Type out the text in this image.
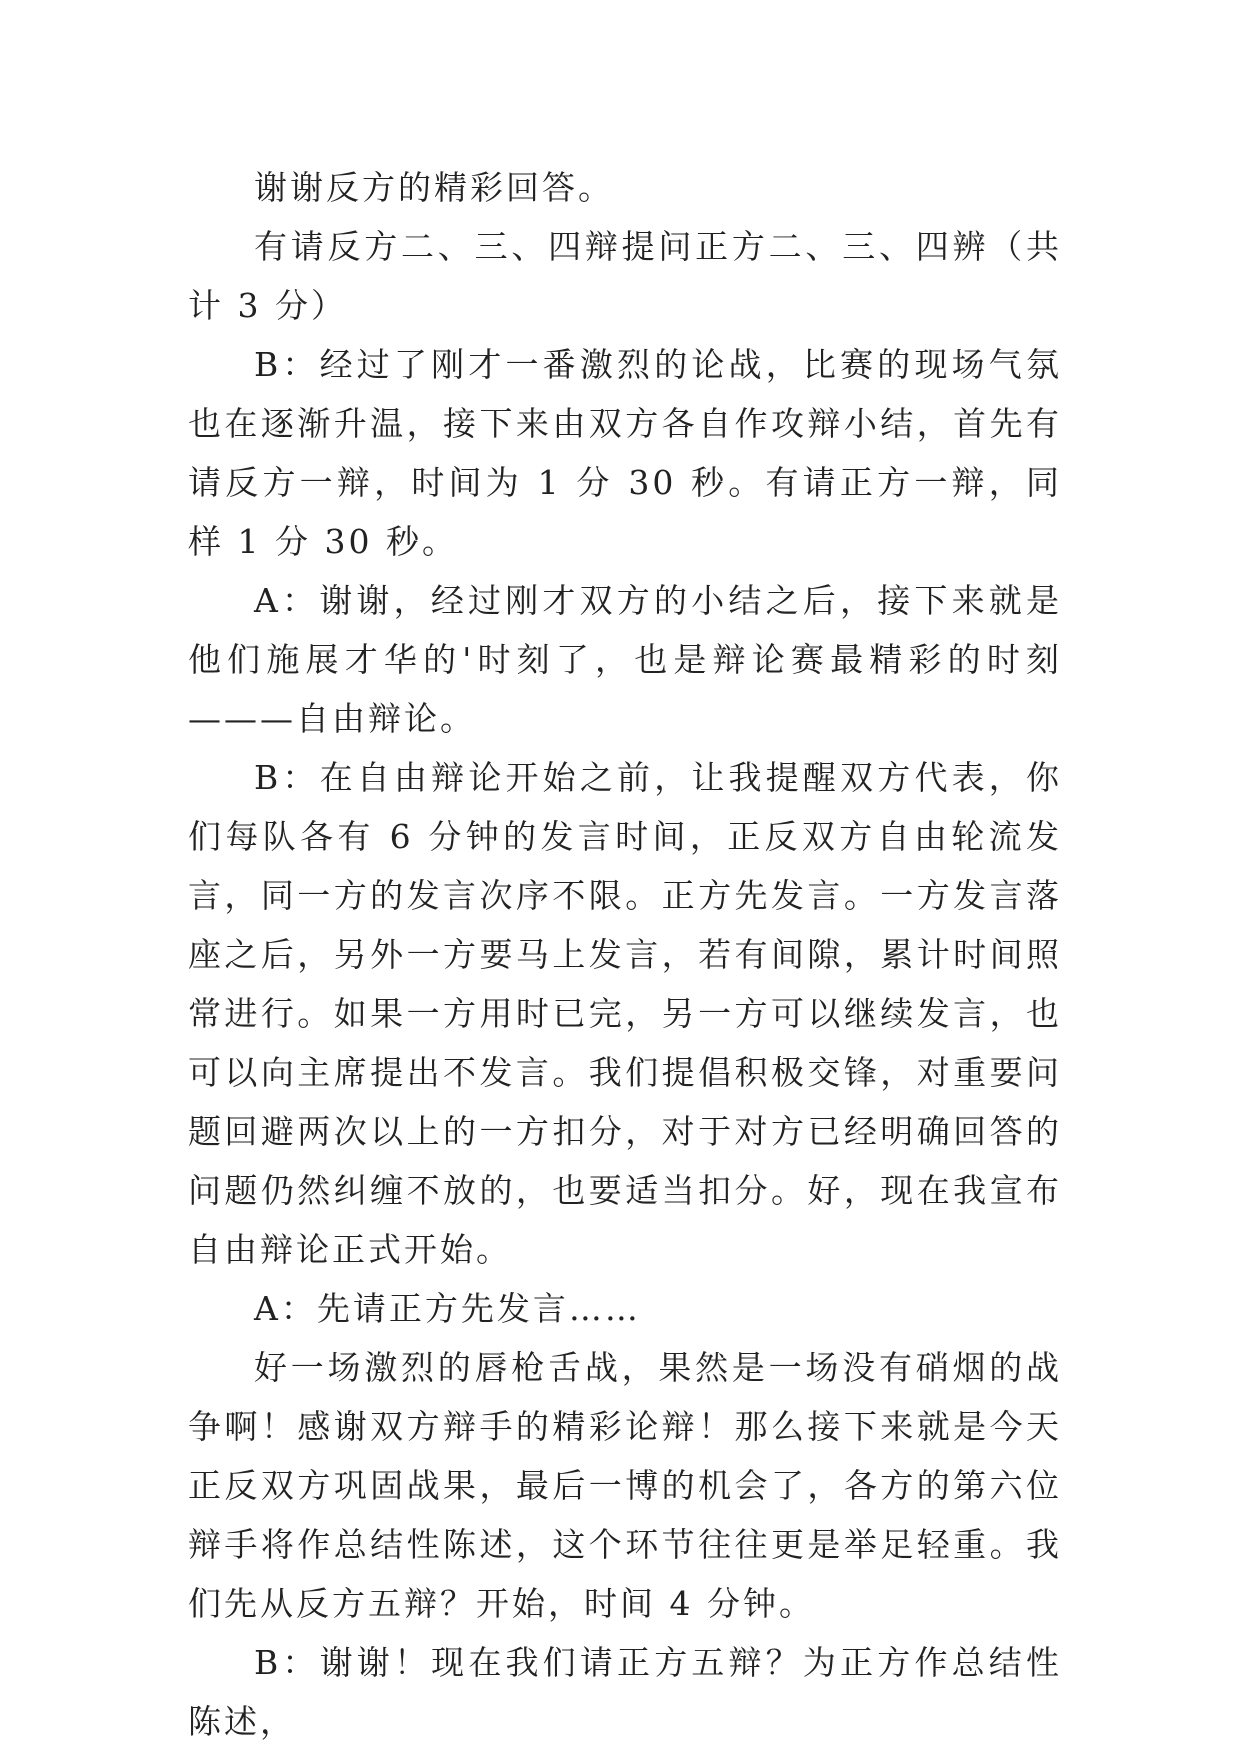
谢谢反方的精彩回答。

有请反方二、三、四辩提问正方二、三、四辨（共计 3 分）

B：经过了刚才一番激烈的论战，比赛的现场气氛也在逐渐升温，接下来由双方各自作攻辩小结，首先有请反方一辩，时间为 1 分 30 秒。有请正方一辩，同样 1 分 30 秒。

A：谢谢，经过刚才双方的小结之后，接下来就是他们施展才华的'时刻了，也是辩论赛最精彩的时刻———自由辩论。

B：在自由辩论开始之前，让我提醒双方代表，你们每队各有 6 分钟的发言时间，正反双方自由轮流发言，同一方的发言次序不限。正方先发言。一方发言落座之后，另外一方要马上发言，若有间隙，累计时间照常进行。如果一方用时已完，另一方可以继续发言，也可以向主席提出不发言。我们提倡积极交锋，对重要问题回避两次以上的一方扣分，对于对方已经明确回答的问题仍然纠缠不放的，也要适当扣分。好，现在我宣布自由辩论正式开始。

A：先请正方先发言……

好一场激烈的唇枪舌战，果然是一场没有硝烟的战争啊！感谢双方辩手的精彩论辩！那么接下来就是今天正反双方巩固战果，最后一博的机会了，各方的第六位辩手将作总结性陈述，这个环节往往更是举足轻重。我们先从反方五辩？开始，时间 4 分钟。

B：谢谢！现在我们请正方五辩？为正方作总结性陈述，
